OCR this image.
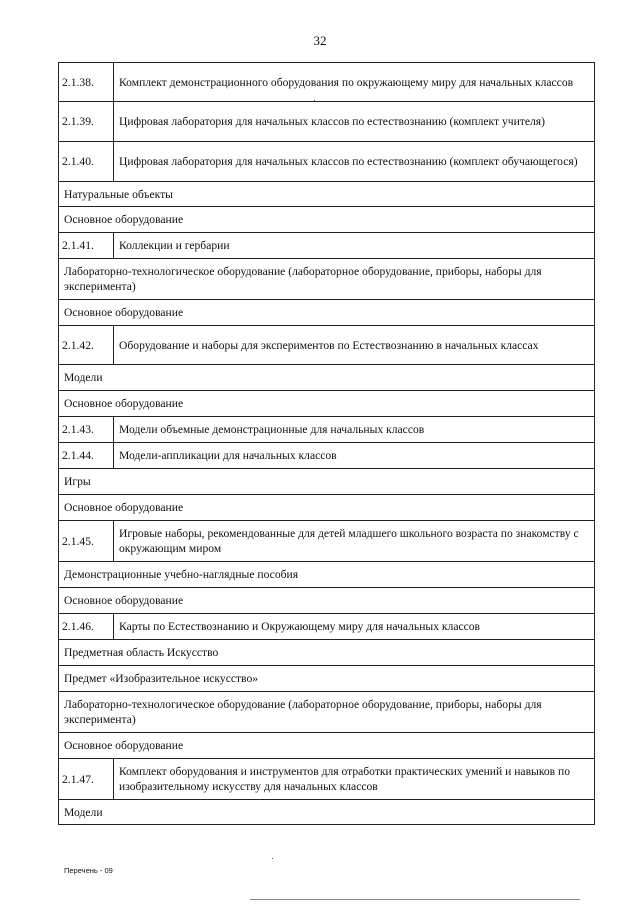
32
2.1.38.	Комплект демонстрационного оборудования по окружающему миру для начальных классов
2.1.39.	Цифровая лаборатория для начальных классов по естествознанию (комплект учителя)
2.1.40.	Цифровая лаборатория для начальных классов по естествознанию (комплект обучающегося)
Натуральные объекты	
Основное оборудование	
2.1.41.	Коллекции и гербарии
Лабораторно-технологическое оборудование (лабораторное оборудование, приборы, наборы для эксперимента)	
Основное оборудование	
2.1.42.	Оборудование и наборы для экспериментов по Естествознанию в начальных классах
Модели	
Основное оборудование	
2.1.43.	Модели объемные демонстрационные для начальных классов
2.1.44.	Модели-аппликации для начальных классов
Игры	
Основное оборудование	
2.1.45.	Игровые наборы, рекомендованные для детей младшего школьного возраста по знакомству с окружающим миром
Демонстрационные учебно-наглядные пособия	
Основное оборудование	
2.1.46.	Карты по Естествознанию и Окружающему миру для начальных классов
Предметная область Искусство	
Предмет «Изобразительное искусство»	
Лабораторно-технологическое оборудование (лабораторное оборудование, приборы, наборы для эксперимента)	
Основное оборудование	
2.1.47.	Комплект оборудования и инструментов для отработки практических умений и навыков по изобразительному искусству для начальных классов
Модели	
Перечень - 09
